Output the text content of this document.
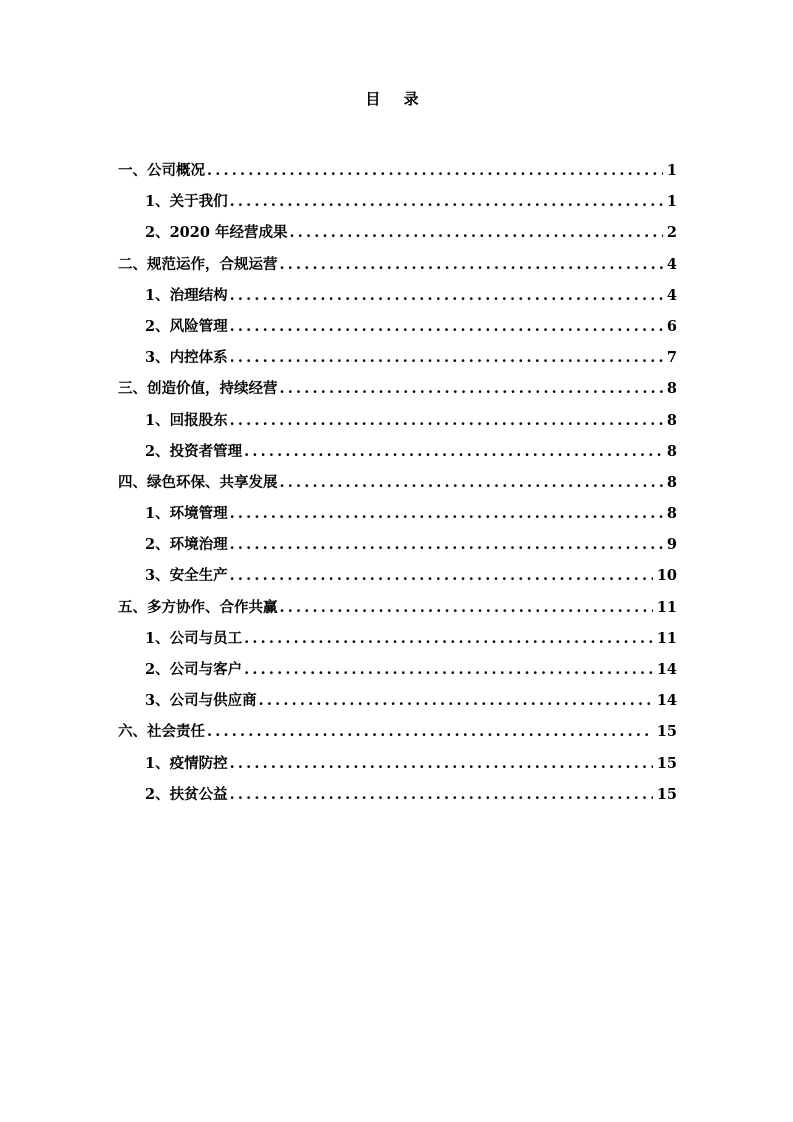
目 录
一、公司概况 .....	1
1、关于我们 .....	1
2、2020 年经营成果 .....	2
二、规范运作，合规运营 .....	4
1、治理结构 .....	4
2、风险管理 .....	6
3、内控体系 .....	7
三、创造价值，持续经营 .....	8
1、回报股东 .....	8
2、投资者管理 .....	8
四、绿色环保、共享发展 .....	8
1、环境管理 .....	8
2、环境治理 .....	9
3、安全生产 .....	10
五、多方协作、合作共赢 .....	11
1、公司与员工 .....	11
2、公司与客户 .....	14
3、公司与供应商 .....	14
六、社会责任 .....	15
1、疫情防控 .....	15
2、扶贫公益 .....	15
